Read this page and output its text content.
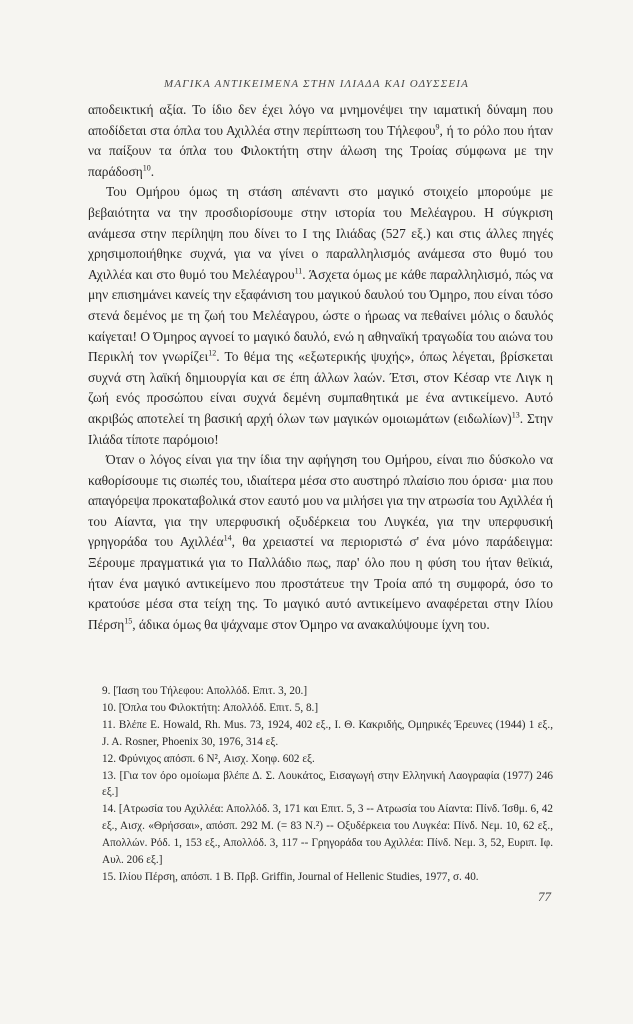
ΜΑΓΙΚΑ ΑΝΤΙΚΕΙΜΕΝΑ ΣΤΗΝ ΙΛΙΑΔΑ ΚΑΙ ΟΔΥΣΣΕΙΑ

αποδεικτική αξία. Το ίδιο δεν έχει λόγο να μνημονέψει την ιαματική δύναμη που αποδίδεται στα όπλα του Αχιλλέα στην περίπτωση του Τήλεφου$^9$, ή το ρόλο που ήταν να παίξουν τα όπλα του Φιλοκτήτη στην άλωση της Τροίας σύμφωνα με την παράδοση$^{10}$.

Του Ομήρου όμως τη στάση απέναντι στο μαγικό στοιχείο μπορούμε με βεβαιότητα να την προσδιορίσουμε στην ιστορία του Μελέαγρου. Η σύγκριση ανάμεσα στην περίληψη που δίνει το Ι της Ιλιάδας (527 εξ.) και στις άλλες πηγές χρησιμοποιήθηκε συχνά, για να γίνει ο παραλληλισμός ανάμεσα στο θυμό του Αχιλλέα και στο θυμό του Μελέαγρου$^{11}$. Άσχετα όμως με κάθε παραλληλισμό, πώς να μην επισημάνει κανείς την εξαφάνιση του μαγικού δαυλού του Όμηρο, που είναι τόσο στενά δεμένος με τη ζωή του Μελέαγρου, ώστε ο ήρωας να πεθαίνει μόλις ο δαυλός καίγεται! Ο Όμηρος αγνοεί το μαγικό δαυλό, ενώ η αθηναϊκή τραγωδία του αιώνα του Περικλή τον γνωρίζει$^{12}$. Το θέμα της «εξωτερικής ψυχής», όπως λέγεται, βρίσκεται συχνά στη λαϊκή δημιουργία και σε έπη άλλων λαών. Έτσι, στον Κέσαρ ντε Λιγκ η ζωή ενός προσώπου είναι συχνά δεμένη συμπαθητικά με ένα αντικείμενο. Αυτό ακριβώς αποτελεί τη βασική αρχή όλων των μαγικών ομοιωμάτων $(\varepsilon\iota\delta\omega\lambda ί\omega\nu)^{13}$. Στην Ιλιάδα τίποτε παρόμοιο!

Όταν ο λόγος είναι για την ίδια την αφήγηση του Ομήρου, είναι πιο δύσκολο να καθορίσουμε τις σιωπές του, ιδιαίτερα μέσα στο αυστηρό πλαίσιο που όρισα· μια που απαγόρεψα προκαταβολικά στον εαυτό μου να μιλήσει για την ατρωσία του Αχιλλέα ή του Αίαντα, για την υπερφυσική οξυδέρκεια του Λυγκέα, για την υπερφυσική γρηγοράδα του Αχιλλέα$^{14}$, θα χρειαστεί να περιοριστώ σ' ένα μόνο παράδειγμα: Ξέρουμε πραγματικά για το Παλλάδιο πως, παρ' όλο που η φύση του ήταν θεϊκιά, ήταν ένα μαγικό αντικείμενο που προστάτευε την Τροία από τη συμφορά, όσο το κρατούσε μέσα στα τείχη της. Το μαγικό αυτό αντικείμενο αναφέρεται στην Ιλίου Πέρση$^{15}$, άδικα όμως θα ψάχναμε στον Όμηρο να ανακαλύψουμε ίχνη του.

9. [Ίαση του Τήλεφου: Απολλόδ. Επιτ. 3, 20.]

10. [Όπλα του Φιλοκτήτη: Απολλόδ. Επιτ. 5, 8.]

11. Βλέπε E. Howald, Rh. Mus. 73, 1924, 402 εξ., Ι. Θ. Κακριδής, Ομηρικές Έρευνες (1944) 1 εξ., J. A. Rosner, Phoenix 30, 1976, 314 εξ.

12. Φρύνιχος απόσπ. 6 N², Αισχ. Χοηφ. 602 εξ.

13. [Για τον όρο ομοίωμα βλέπε Δ. Σ. Λουκάτος, Εισαγωγή στην Ελληνική Λαογραφία (1977) 246 εξ.]

14. [Ατρωσία του Αχιλλέα: Απολλόδ. 3, 171 και Επιτ. 5, 3 -- Ατρωσία του Αίαντα: Πίνδ. Ίσθμ. 6, 42 εξ., Αισχ. «Θρήσσαι», απόσπ. 292 Μ. (= 83 Ν.²) -- Οξυδέρκεια του Λυγκέα: Πίνδ. Νεμ. 10, 62 εξ., Απολλών. Ρόδ. 1, 153 εξ., Απολλόδ. 3, 117 -- Γρηγοράδα του Αχιλλέα: Πίνδ. Νεμ. 3, 52, Ευριπ. Ιφ. Αυλ. 206 εξ.]

15. Ιλίου Πέρση, απόσπ. 1 Β. Πρβ. Griffin, Journal of Hellenic Studies, 1977, σ. 40.

77
